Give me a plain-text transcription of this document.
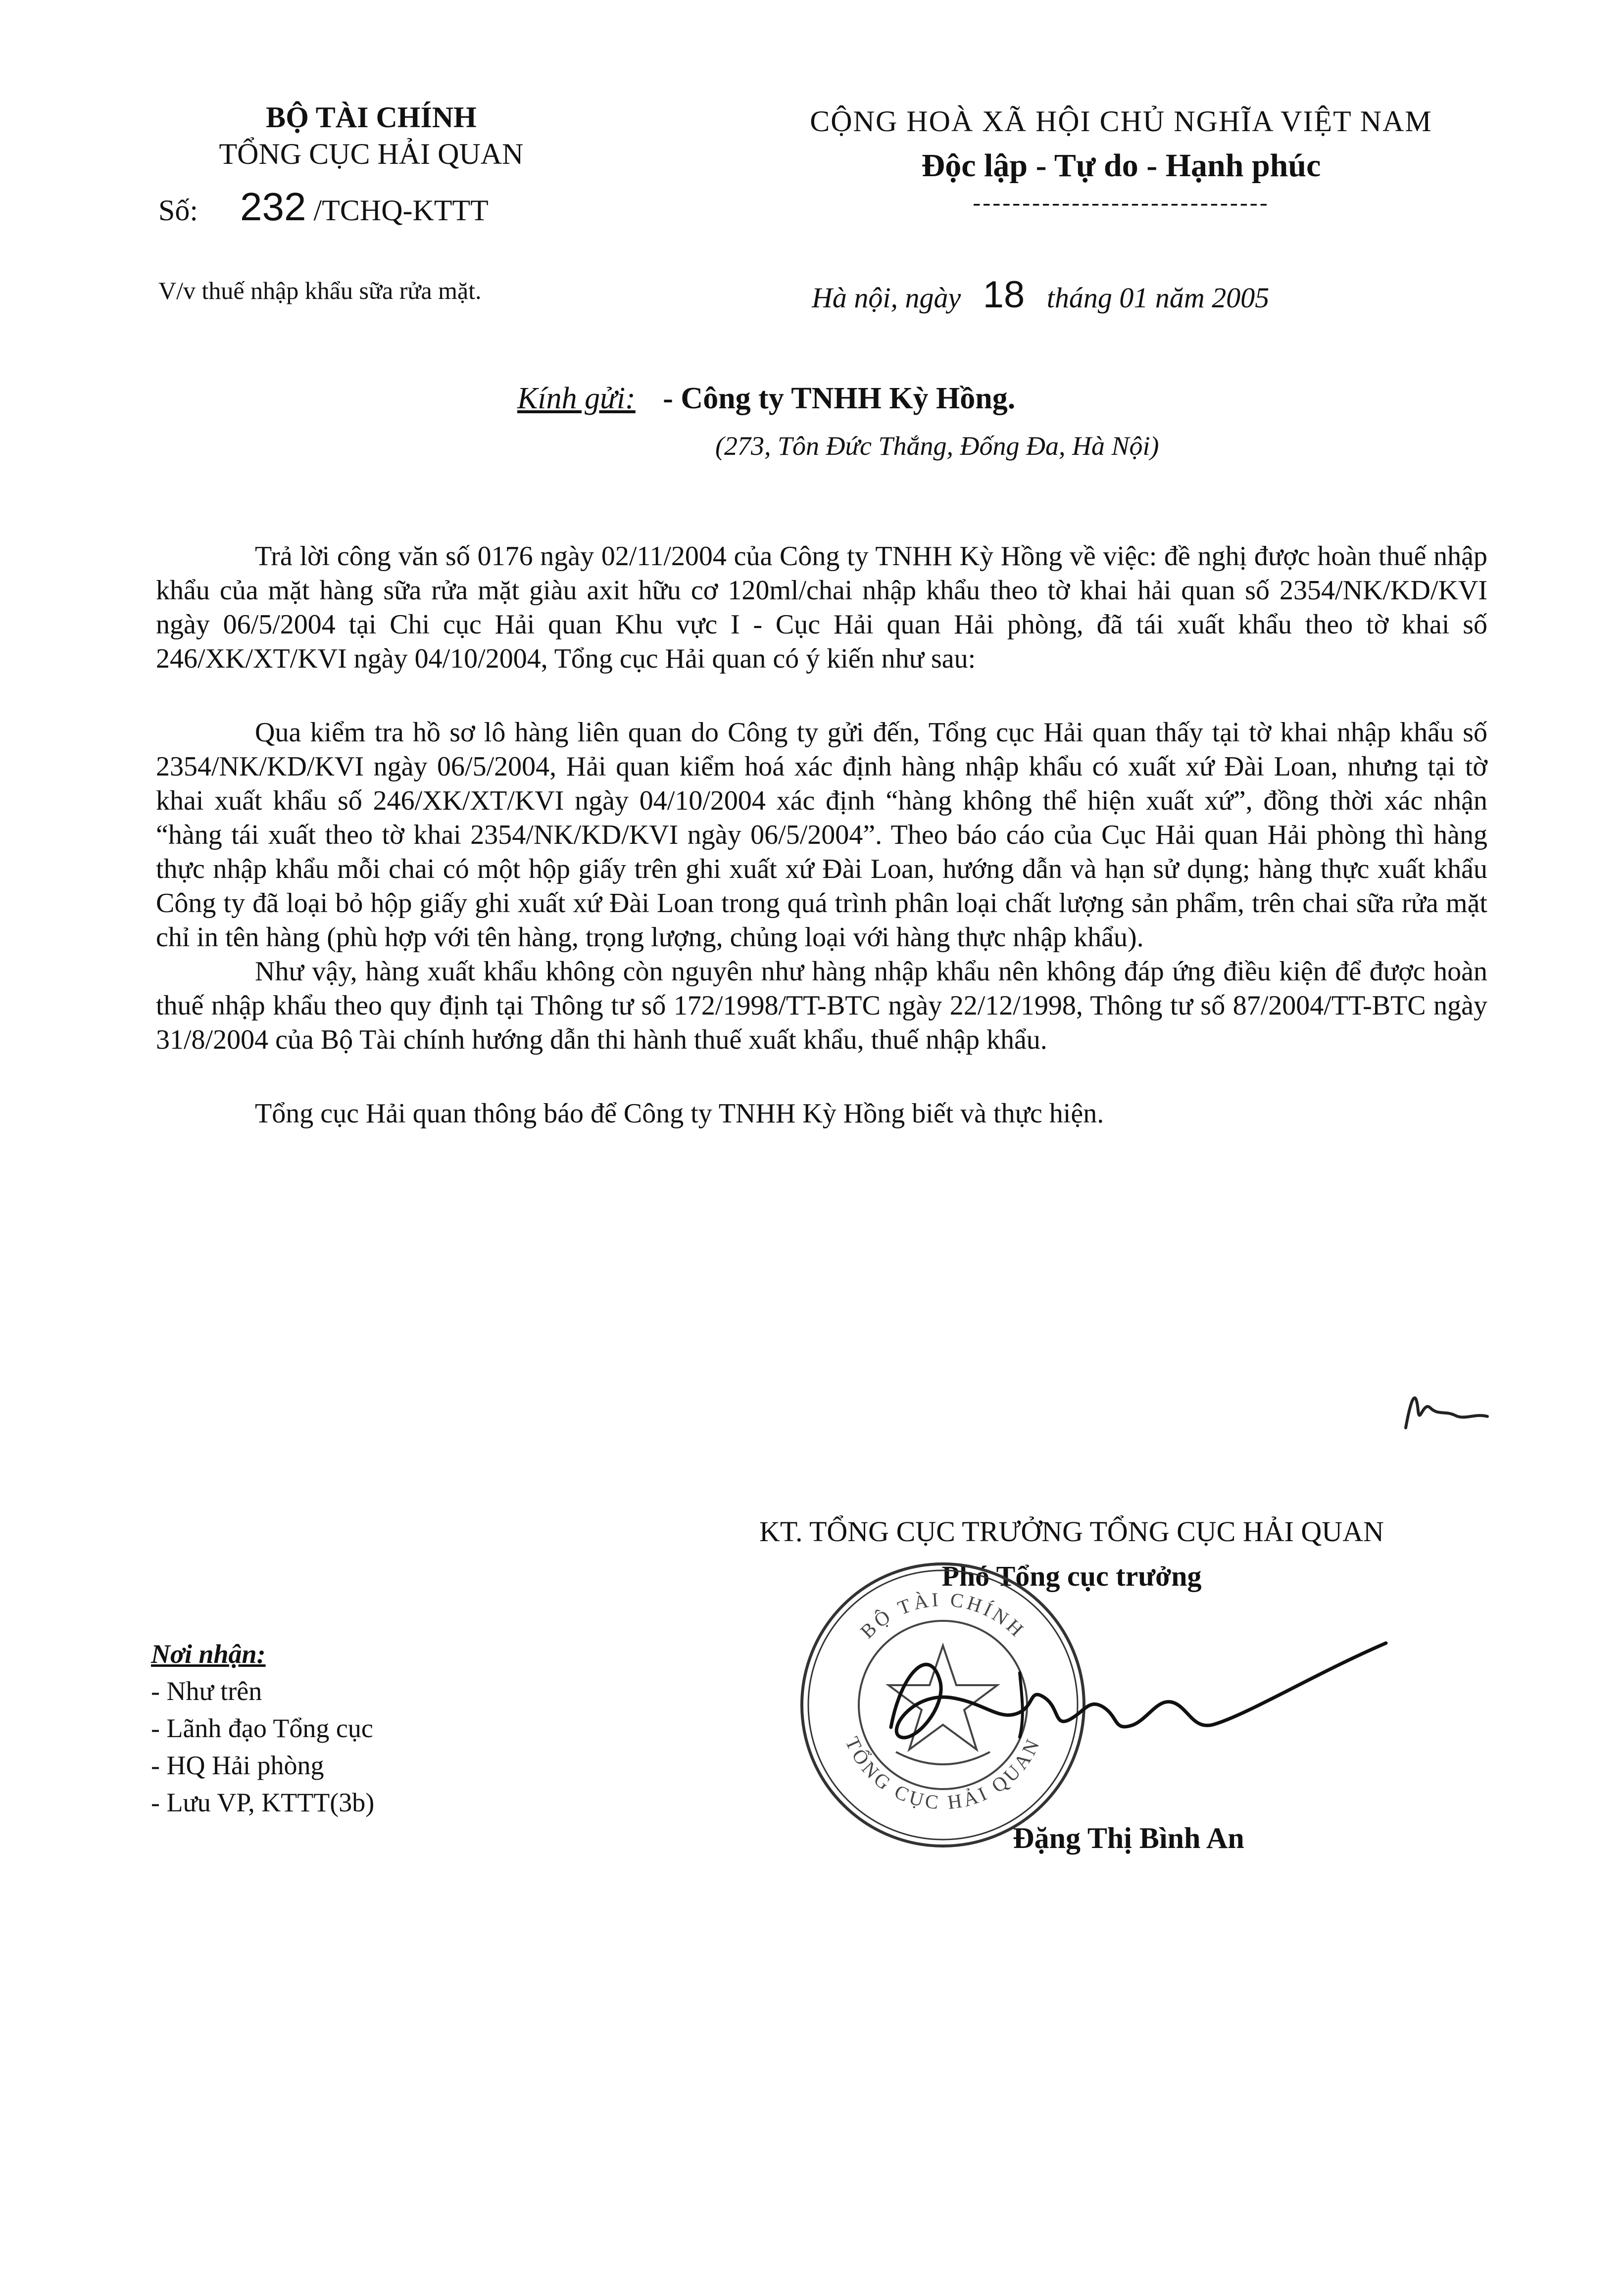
BỘ TÀI CHÍNH
TỔNG CỤC HẢI QUAN
Số: 232 /TCHQ-KTTT
CỘNG HOÀ XÃ HỘI CHỦ NGHĨA VIỆT NAM
Độc lập - Tự do - Hạnh phúc
------------------------------
V/v thuế nhập khẩu sữa rửa mặt.	Hà nội, ngày 18 tháng 01 năm 2005
Kính gửi: - Công ty TNHH Kỳ Hồng.
(273, Tôn Đức Thắng, Đống Đa, Hà Nội)

Trả lời công văn số 0176 ngày 02/11/2004 của Công ty TNHH Kỳ Hồng về việc: đề nghị được hoàn thuế nhập khẩu của mặt hàng sữa rửa mặt giàu axit hữu cơ 120ml/chai nhập khẩu theo tờ khai hải quan số 2354/NK/KD/KVI ngày 06/5/2004 tại Chi cục Hải quan Khu vực I - Cục Hải quan Hải phòng, đã tái xuất khẩu theo tờ khai số 246/XK/XT/KVI ngày 04/10/2004, Tổng cục Hải quan có ý kiến như sau:

Qua kiểm tra hồ sơ lô hàng liên quan do Công ty gửi đến, Tổng cục Hải quan thấy tại tờ khai nhập khẩu số 2354/NK/KD/KVI ngày 06/5/2004, Hải quan kiểm hoá xác định hàng nhập khẩu có xuất xứ Đài Loan, nhưng tại tờ khai xuất khẩu số 246/XK/XT/KVI ngày 04/10/2004 xác định “hàng không thể hiện xuất xứ”, đồng thời xác nhận “hàng tái xuất theo tờ khai 2354/NK/KD/KVI ngày 06/5/2004”. Theo báo cáo của Cục Hải quan Hải phòng thì hàng thực nhập khẩu mỗi chai có một hộp giấy trên ghi xuất xứ Đài Loan, hướng dẫn và hạn sử dụng; hàng thực xuất khẩu Công ty đã loại bỏ hộp giấy ghi xuất xứ Đài Loan trong quá trình phân loại chất lượng sản phẩm, trên chai sữa rửa mặt chỉ in tên hàng (phù hợp với tên hàng, trọng lượng, chủng loại với hàng thực nhập khẩu).

Như vậy, hàng xuất khẩu không còn nguyên như hàng nhập khẩu nên không đáp ứng điều kiện để được hoàn thuế nhập khẩu theo quy định tại Thông tư số 172/1998/TT-BTC ngày 22/12/1998, Thông tư số 87/2004/TT-BTC ngày 31/8/2004 của Bộ Tài chính hướng dẫn thi hành thuế xuất khẩu, thuế nhập khẩu.

Tổng cục Hải quan thông báo để Công ty TNHH Kỳ Hồng biết và thực hiện.

KT. TỔNG CỤC TRƯỞNG TỔNG CỤC HẢI QUAN
Phó Tổng cục trưởng
BỘ TÀI CHÍNH
TỔNG CỤC HẢI QUAN
Đặng Thị Bình An
Nơi nhận:
- Như trên
- Lãnh đạo Tổng cục
- HQ Hải phòng
- Lưu VP, KTTT(3b)
